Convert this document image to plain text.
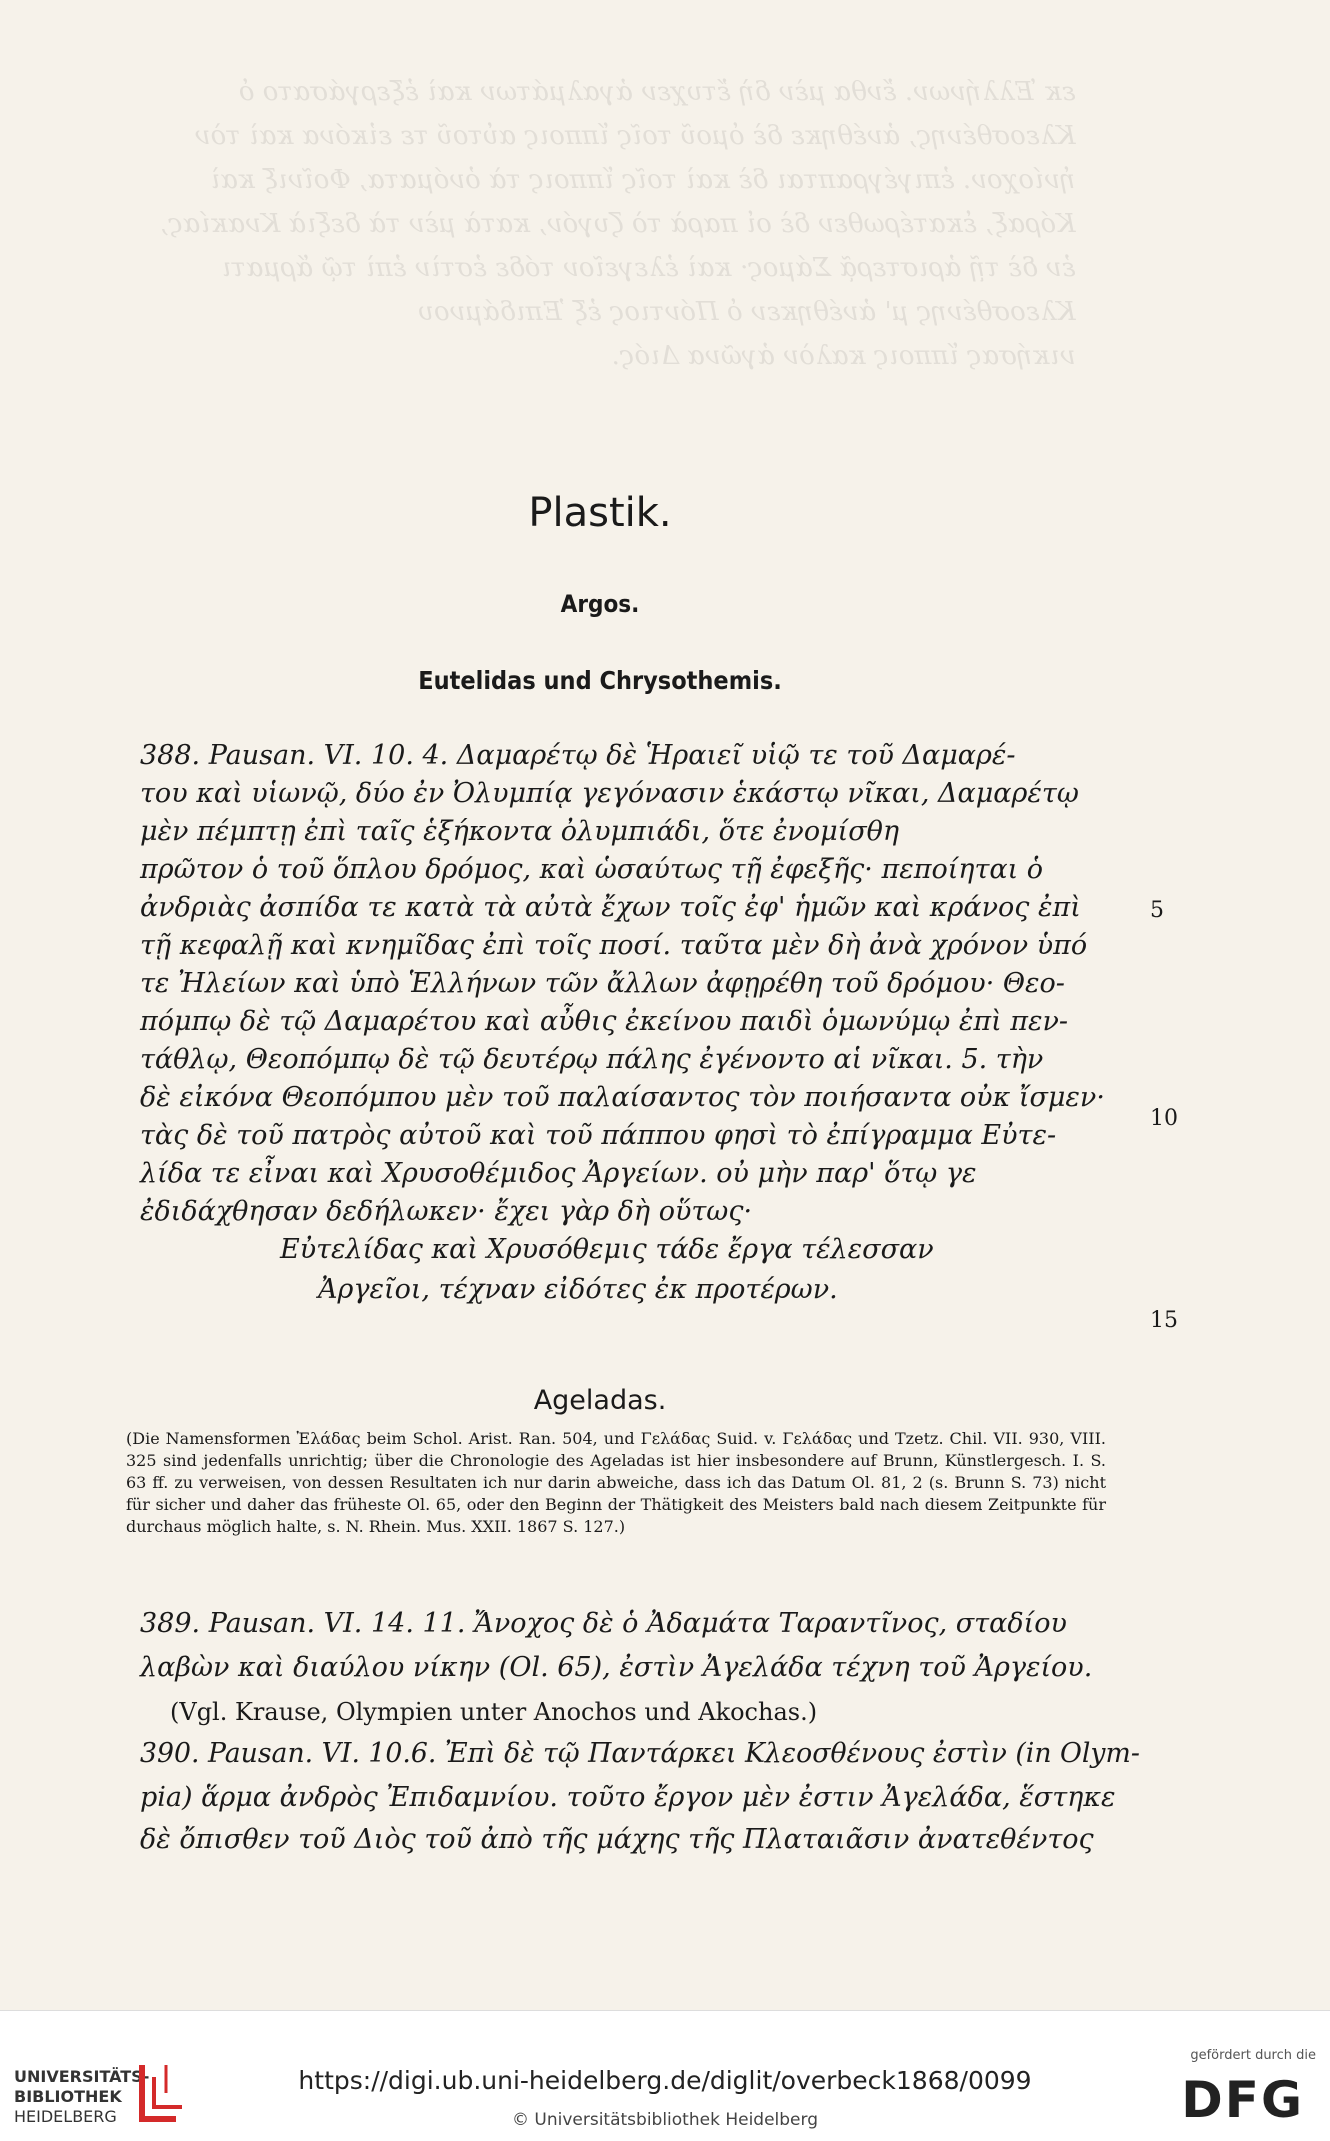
εκ Ἑλλήνων. ἔνθα μὲν δὴ ἔτυχεν ἀγαλμάτων καὶ ἐξεργάσατο ὁ
Κλεοσθένης, ἀνέθηκε δὲ ὁμοῦ τοῖς ἵπποις αὑτοῦ τε εἰκόνα καὶ τὸν
ἡνίοχον. ἐπιγέγραπται δὲ καὶ τοῖς ἵπποις τὰ ὀνόματα, Φοῖνιξ καὶ
Κόραξ, ἑκατέρωθεν δὲ οἱ παρὰ τὸ ζυγόν, κατὰ μὲν τὰ δεξιὰ Κνακίας,
ἐν δὲ τῇ ἀριστερᾷ Σάμος· καὶ ἐλεγεῖον τόδε ἐστὶν ἐπὶ τῷ ἅρματι
Κλεοσθένης μ' ἀνέθηκεν ὁ Πόντιος ἐξ Ἐπιδάμνου
νικήσας ἵπποις καλὸν ἀγῶνα Διός.
Plastik.
Argos.
Eutelidas und Chrysothemis.
388. Pausan. VI. 10. 4. Δαμαρέτῳ δὲ Ἡραιεῖ υἱῷ τε τοῦ Δαμαρέ-
του καὶ υἱωνῷ, δύο ἐν Ὀλυμπίᾳ γεγόνασιν ἑκάστῳ νῖκαι, Δαμαρέτῳ
μὲν πέμπτῃ ἐπὶ ταῖς ἑξήκοντα ὀλυμπιάδι, ὅτε ἐνομίσθη
πρῶτον ὁ τοῦ ὅπλου δρόμος, καὶ ὡσαύτως τῇ ἐφεξῆς· πεποίηται ὁ
ἀνδριὰς ἀσπίδα τε κατὰ τὰ αὐτὰ ἔχων τοῖς ἐφ' ἡμῶν καὶ κράνος ἐπὶ
τῇ κεφαλῇ καὶ κνημῖδας ἐπὶ τοῖς ποσί. ταῦτα μὲν δὴ ἀνὰ χρόνον ὑπό
τε Ἠλείων καὶ ὑπὸ Ἑλλήνων τῶν ἄλλων ἀφῃρέθη τοῦ δρόμου· Θεο-
πόμπῳ δὲ τῷ Δαμαρέτου καὶ αὖθις ἐκείνου παιδὶ ὁμωνύμῳ ἐπὶ πεν-
τάθλῳ, Θεοπόμπῳ δὲ τῷ δευτέρῳ πάλης ἐγένοντο αἱ νῖκαι. 5. τὴν
δὲ εἰκόνα Θεοπόμπου μὲν τοῦ παλαίσαντος τὸν ποιήσαντα οὐκ ἴσμεν·
τὰς δὲ τοῦ πατρὸς αὐτοῦ καὶ τοῦ πάππου φησὶ τὸ ἐπίγραμμα Εὐτε-
λίδα τε εἶναι καὶ Χρυσοθέμιδος Ἀργείων. οὐ μὴν παρ' ὅτῳ γε
ἐδιδάχθησαν δεδήλωκεν· ἔχει γὰρ δὴ οὕτως·
Εὐτελίδας καὶ Χρυσόθεμις τάδε ἔργα τέλεσσαν
Ἀργεῖοι, τέχναν εἰδότες ἐκ προτέρων.
5
10
15
Ageladas.
(Die Namensformen Ἐλάδας beim Schol. Arist. Ran. 504, und Γελάδας Suid. v. Γελάδας und Tzetz. Chil. VII. 930, VIII. 325 sind jedenfalls unrichtig; über die Chronologie des Ageladas ist hier insbesondere auf Brunn, Künstlergesch. I. S. 63 ff. zu verweisen, von dessen Resultaten ich nur darin abweiche, dass ich das Datum Ol. 81, 2 (s. Brunn S. 73) nicht für sicher und daher das früheste Ol. 65, oder den Beginn der Thätigkeit des Meisters bald nach diesem Zeitpunkte für durchaus möglich halte, s. N. Rhein. Mus. XXII. 1867 S. 127.)
389. Pausan. VI. 14. 11. Ἄνοχος δὲ ὁ Ἀδαμάτα Ταραντῖνος, σταδίου
λαβὼν καὶ διαύλου νίκην (Ol. 65), ἐστὶν Ἀγελάδα τέχνη τοῦ Ἀργείου.
(Vgl. Krause, Olympien unter Anochos und Akochas.)
390. Pausan. VI. 10.6. Ἐπὶ δὲ τῷ Παντάρκει Κλεοσθένους ἐστὶν (in Olym-
pia) ἅρμα ἀνδρὸς Ἐπιδαμνίου. τοῦτο ἔργον μὲν ἐστιν Ἀγελάδα, ἕστηκε
δὲ ὄπισθεν τοῦ Διὸς τοῦ ἀπὸ τῆς μάχης τῆς Πλαταιᾶσιν ἀνατεθέντος
UNIVERSITÄTS-
BIBLIOTHEK
HEIDELBERG
https://digi.ub.uni-heidelberg.de/diglit/overbeck1868/0099
© Universitätsbibliothek Heidelberg
gefördert durch die
DFG
